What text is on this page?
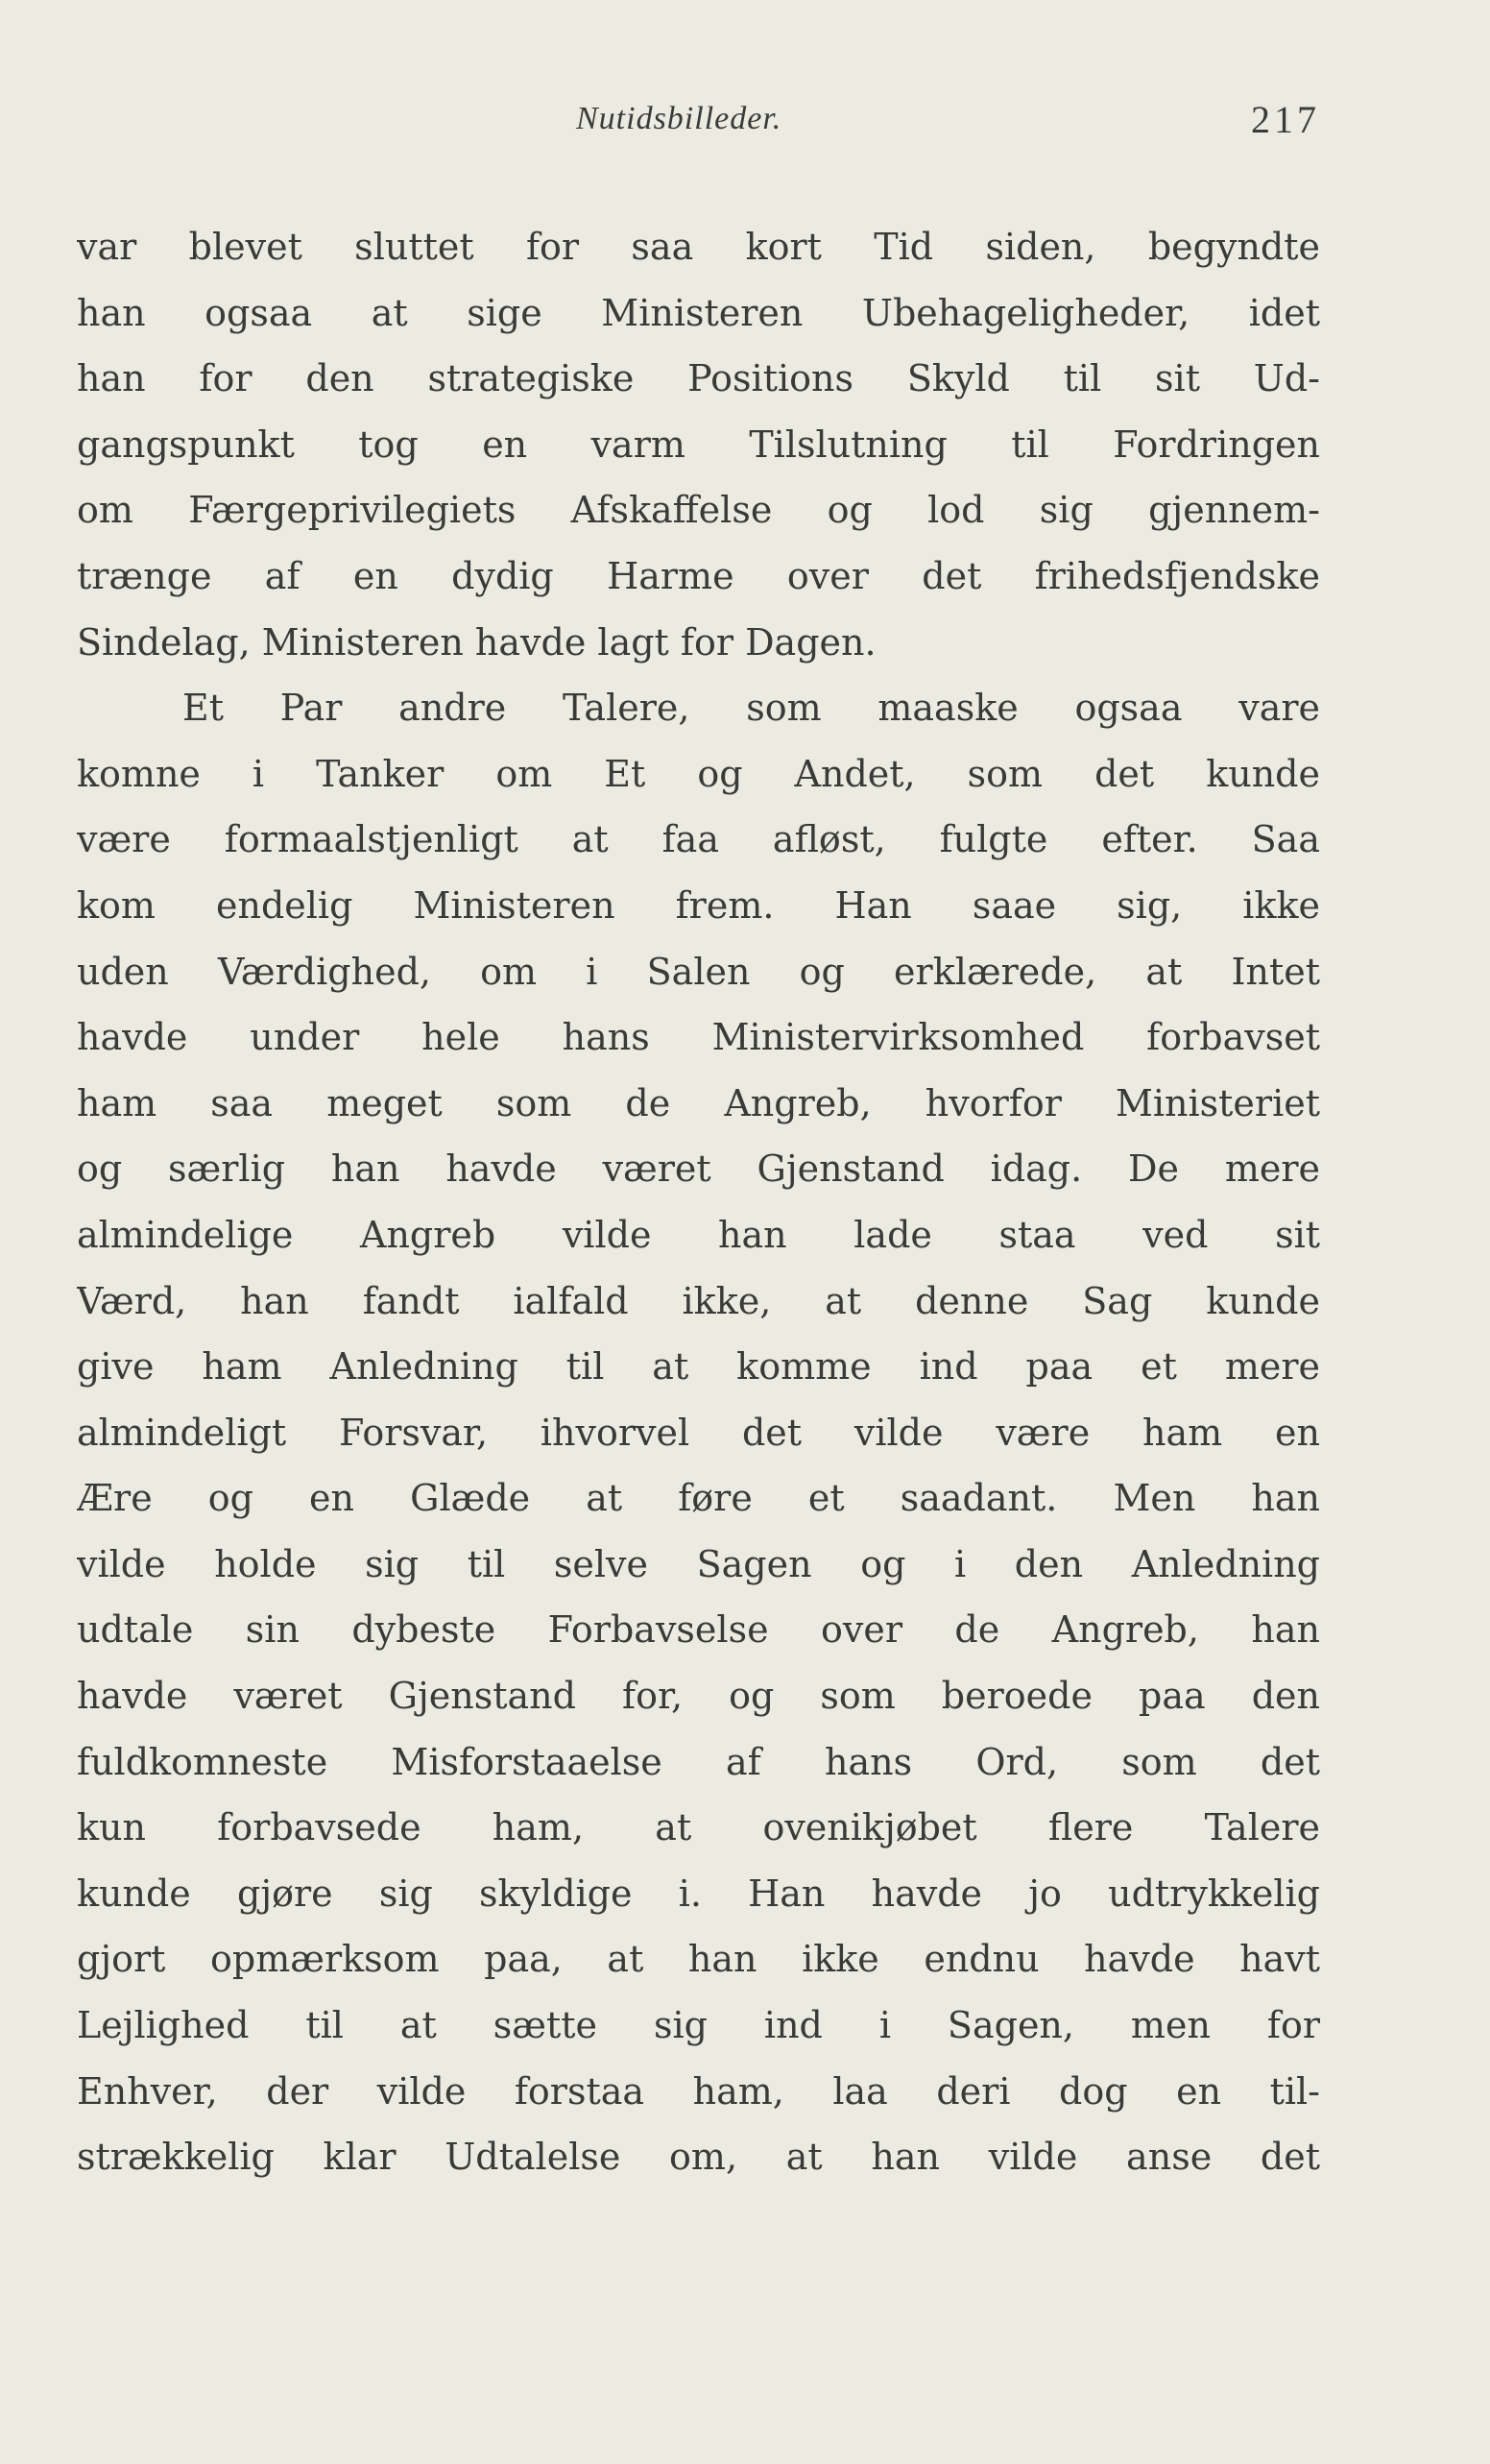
Nutidsbilleder.	217
var blevet sluttet for saa kort Tid siden, begyndte
han ogsaa at sige Ministeren Ubehageligheder, idet
han for den strategiske Positions Skyld til sit Ud-
gangspunkt tog en varm Tilslutning til Fordringen
om Færgeprivilegiets Afskaffelse og lod sig gjennem-
trænge af en dydig Harme over det frihedsfjendske
Sindelag, Ministeren havde lagt for Dagen.
Et Par andre Talere, som maaske ogsaa vare
komne i Tanker om Et og Andet, som det kunde
være formaalstjenligt at faa afløst, fulgte efter. Saa
kom endelig Ministeren frem. Han saae sig, ikke
uden Værdighed, om i Salen og erklærede, at Intet
havde under hele hans Ministervirksomhed forbavset
ham saa meget som de Angreb, hvorfor Ministeriet
og særlig han havde været Gjenstand idag. De mere
almindelige Angreb vilde han lade staa ved sit
Værd, han fandt ialfald ikke, at denne Sag kunde
give ham Anledning til at komme ind paa et mere
almindeligt Forsvar, ihvorvel det vilde være ham en
Ære og en Glæde at føre et saadant. Men han
vilde holde sig til selve Sagen og i den Anledning
udtale sin dybeste Forbavselse over de Angreb, han
havde været Gjenstand for, og som beroede paa den
fuldkomneste Misforstaaelse af hans Ord, som det
kun forbavsede ham, at ovenikjøbet flere Talere
kunde gjøre sig skyldige i. Han havde jo udtrykkelig
gjort opmærksom paa, at han ikke endnu havde havt
Lejlighed til at sætte sig ind i Sagen, men for
Enhver, der vilde forstaa ham, laa deri dog en til-
strækkelig klar Udtalelse om, at han vilde anse det
